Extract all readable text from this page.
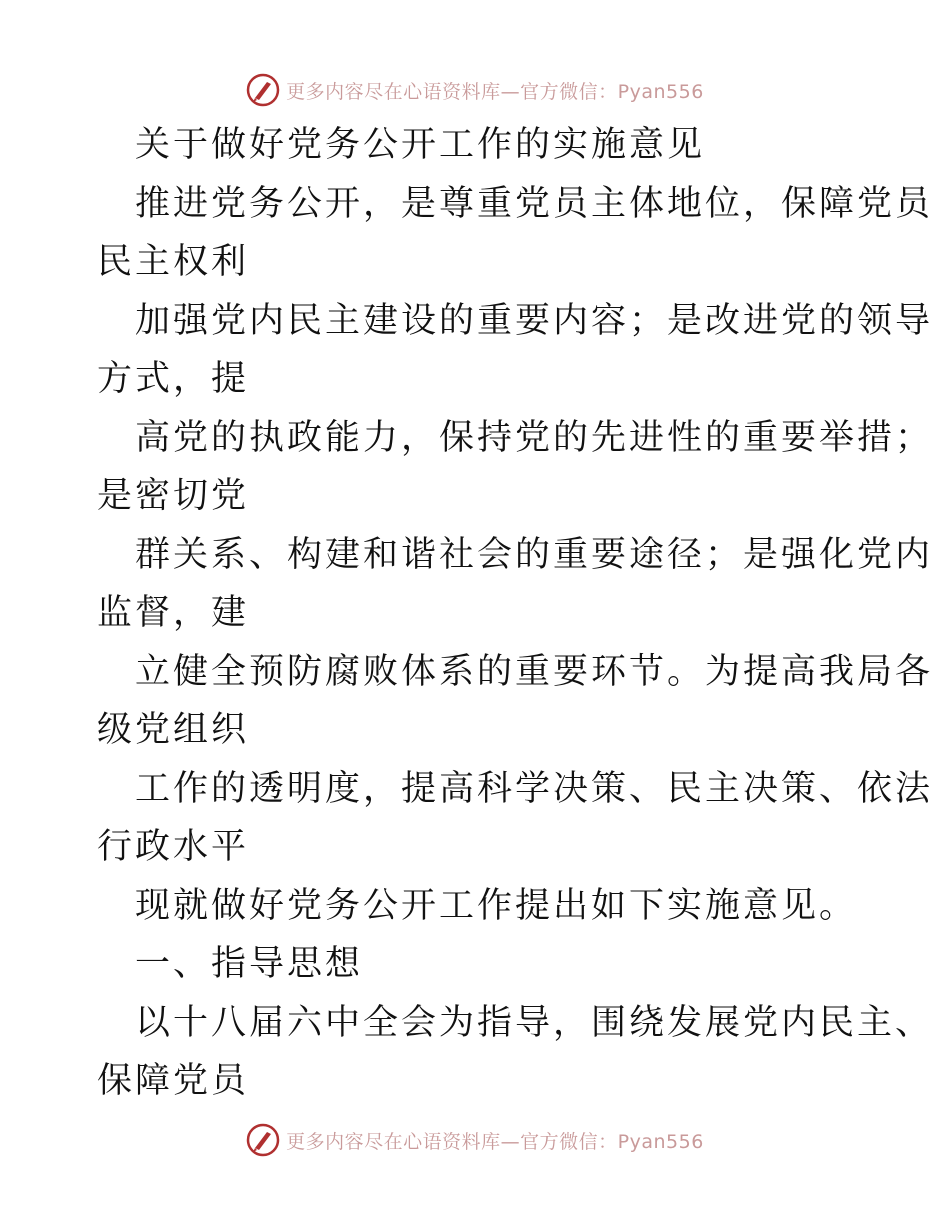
更多内容尽在心语资料库—官方微信：Pyan556
关于做好党务公开工作的实施意见
推进党务公开，是尊重党员主体地位，保障党员
民主权利
加强党内民主建设的重要内容；是改进党的领导
方式，提
高党的执政能力，保持党的先进性的重要举措；
是密切党
群关系、构建和谐社会的重要途径；是强化党内
监督，建
立健全预防腐败体系的重要环节。为提高我局各
级党组织
工作的透明度，提高科学决策、民主决策、依法
行政水平
现就做好党务公开工作提出如下实施意见。
一、指导思想
以十八届六中全会为指导，围绕发展党内民主、
保障党员
更多内容尽在心语资料库—官方微信：Pyan556
